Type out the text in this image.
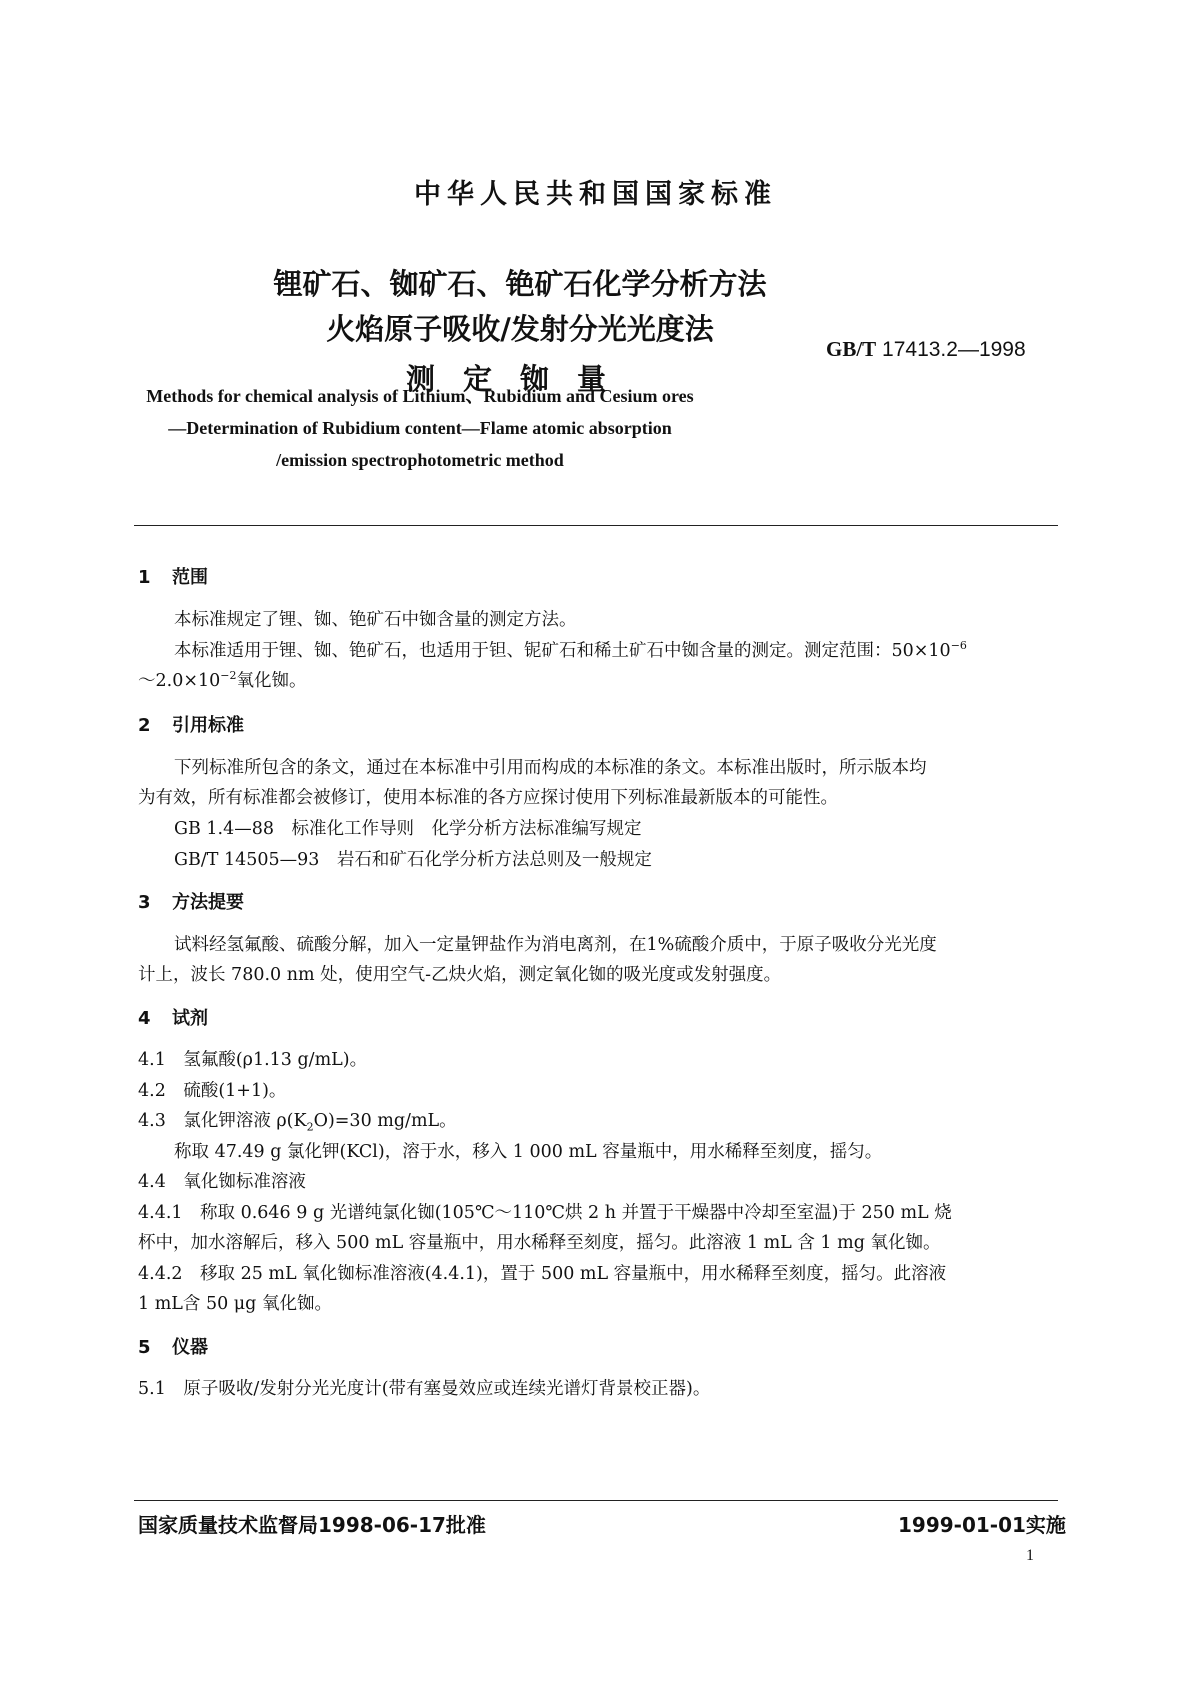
中华人民共和国国家标准
锂矿石、铷矿石、铯矿石化学分析方法
火焰原子吸收/发射分光光度法
测定铷量
GB/T 17413.2—1998
Methods for chemical analysis of Lithium、Rubidium and Cesium ores
—Determination of Rubidium content—Flame atomic absorption
/emission spectrophotometric method
1 范围
本标准规定了锂、铷、铯矿石中铷含量的测定方法。
本标准适用于锂、铷、铯矿石，也适用于钽、铌矿石和稀土矿石中铷含量的测定。测定范围：$50\times 10^{-6}$
$\sim 2.0\times 10^{-2}$氧化铷。
2 引用标准
下列标准所包含的条文，通过在本标准中引用而构成的本标准的条文。本标准出版时，所示版本均
为有效，所有标准都会被修订，使用本标准的各方应探讨使用下列标准最新版本的可能性。
GB 1.4—88　标准化工作导则　化学分析方法标准编写规定
GB/T 14505—93　岩石和矿石化学分析方法总则及一般规定
3 方法提要
试料经氢氟酸、硫酸分解，加入一定量钾盐作为消电离剂，在1%硫酸介质中，于原子吸收分光光度
计上，波长 780.0 nm 处，使用空气-乙炔火焰，测定氧化铷的吸光度或发射强度。
4 试剂
4.1　氢氟酸(ρ1.13 g/mL)。
4.2　硫酸(1+1)。
4.3　氯化钾溶液 $\rho(K_2O)=30$ mg/mL。
称取 47.49 g 氯化钾(KCl)，溶于水，移入 1 000 mL 容量瓶中，用水稀释至刻度，摇匀。
4.4　氧化铷标准溶液
4.4.1　称取 0.646 9 g 光谱纯氯化铷(105℃～110℃烘 2 h 并置于干燥器中冷却至室温)于 250 mL 烧
杯中，加水溶解后，移入 500 mL 容量瓶中，用水稀释至刻度，摇匀。此溶液 1 mL 含 1 mg 氧化铷。
4.4.2　移取 25 mL 氧化铷标准溶液(4.4.1)，置于 500 mL 容量瓶中，用水稀释至刻度，摇匀。此溶液
1 mL含 50 μg 氧化铷。
5 仪器
5.1　原子吸收/发射分光光度计(带有塞曼效应或连续光谱灯背景校正器)。
国家质量技术监督局1998-06-17批准	1999-01-01实施
1
